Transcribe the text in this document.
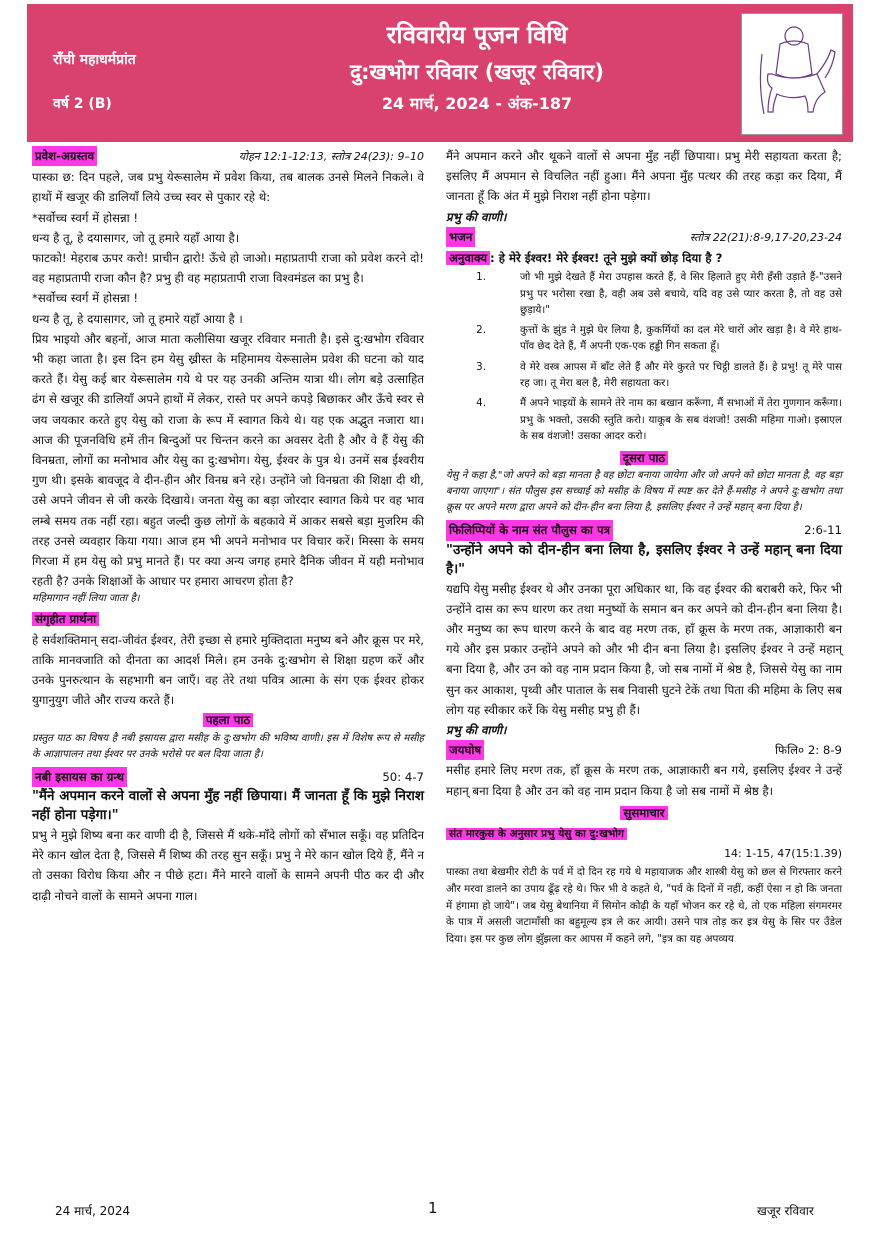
राँची महाधर्मप्रांत
वर्ष 2 (B)
रविवारीय पूजन विधि
दु:खभोग रविवार (खजूर रविवार)
24 मार्च, 2024 - अंक-187
प्रवेश-अग्रस्तव	योहन 12:1-12:13, स्तोत्र 24(23): 9–10

पास्का छ: दिन पहले, जब प्रभु येरूसालेम में प्रवेश किया, तब बालक उनसे मिलने निकले। वे हाथों में खजूर की डालियाँ लिये उच्च स्वर से पुकार रहे थे:

*सर्वोच्च स्वर्ग में होसन्ना !

धन्य है तू, हे दयासागर, जो तू हमारे यहाँ आया है।

फाटको! मेहराब ऊपर करो! प्राचीन द्वारो! ऊँचे हो जाओ। महाप्रतापी राजा को प्रवेश करने दो! वह महाप्रतापी राजा कौन है? प्रभु ही वह महाप्रतापी राजा विश्वमंडल का प्रभु है।

*सर्वोच्च स्वर्ग में होसन्ना !

धन्य है तू, हे दयासागर, जो तू हमारे यहाँ आया है ।

प्रिय भाइयो और बहनों, आज माता कलीसिया खजूर रविवार मनाती है। इसे दु:खभोग रविवार भी कहा जाता है। इस दिन हम येसु ख्रीस्त के महिमामय येरूसालेम प्रवेश की घटना को याद करते हैं। येसु कई बार येरूसालेम गये थे पर यह उनकी अन्तिम यात्रा थी। लोग बड़े उत्साहित ढंग से खजूर की डालियाँ अपने हाथों में लेकर, रास्ते पर अपने कपड़े बिछाकर और ऊँचे स्वर से जय जयकार करते हुए येसु को राजा के रूप में स्वागत किये थे। यह एक अद्भुत नजारा था। आज की पूजनविधि हमें तीन बिन्दुओं पर चिन्तन करने का अवसर देती है और वे हैं येसु की विनम्रता, लोगों का मनोभाव और येसु का दु:खभोग। येसु, ईश्वर के पुत्र थे। उनमें सब ईश्वरीय गुण थी। इसके बावजूद वे दीन-हीन और विनम्र बने रहे। उन्होंने जो विनम्रता की शिक्षा दी थी, उसे अपने जीवन से जी करके दिखाये। जनता येसु का बड़ा जोरदार स्वागत किये पर वह भाव लम्बे समय तक नहीं रहा। बहुत जल्दी कुछ लोगों के बहकावे में आकर सबसे बड़ा मुजरिम की तरह उनसे व्यवहार किया गया। आज हम भी अपने मनोभाव पर विचार करें। मिस्सा के समय गिरजा में हम येसु को प्रभु मानते हैं। पर क्या अन्य जगह हमारे दैनिक जीवन में यही मनोभाव रहती है? उनके शिक्षाओं के आधार पर हमारा आचरण होता है?

महिमागान नहीं लिया जाता है।

संगृहीत प्रार्थना

हे सर्वशक्तिमान् सदा-जीवंत ईश्वर, तेरी इच्छा से हमारे मुक्तिदाता मनुष्य बने और क्रूस पर मरे, ताकि मानवजाति को दीनता का आदर्श मिले। हम उनके दु:खभोग से शिक्षा ग्रहण करें और उनके पुनरुत्थान के सहभागी बन जाएँ। वह तेरे तथा पवित्र आत्मा के संग एक ईश्वर होकर युगानुयुग जीते और राज्य करते हैं।

पहला पाठ

प्रस्तुत पाठ का विषय है नबी इसायस द्वारा मसीह के दु:खभोग की भविष्य वाणी। इस में विशेष रूप से मसीह के आज्ञापालन तथा ईश्वर पर उनके भरोसे पर बल दिया जाता है।

नबी इसायस का ग्रन्थ	50: 4-7

"मैंने अपमान करने वालों से अपना मुँह नहीं छिपाया। मैं जानता हूँ कि मुझे निराश नहीं होना पड़ेगा।"

प्रभु ने मुझे शिष्य बना कर वाणी दी है, जिससे मैं थके-माँदे लोगों को सँभाल सकूँ। वह प्रतिदिन मेरे कान खोल देता है, जिससे मैं शिष्य की तरह सुन सकूँ। प्रभु ने मेरे कान खोल दिये हैं, मैंने न तो उसका विरोध किया और न पीछे हटा। मैंने मारने वालों के सामने अपनी पीठ कर दी और दाढ़ी नोचने वालों के सामने अपना गाल।

मैंने अपमान करने और थूकने वालों से अपना मुँह नहीं छिपाया। प्रभु मेरी सहायता करता है; इसलिए मैं अपमान से विचलित नहीं हुआ। मैंने अपना मुँह पत्थर की तरह कड़ा कर दिया, मैं जानता हूँ कि अंत में मुझे निराश नहीं होना पड़ेगा।

प्रभु की वाणी।

भजन	स्तोत्र 22(21):8-9,17-20,23-24
अनुवाक्य : हे मेरे ईश्वर! मेरे ईश्वर! तूने मुझे क्यों छोड़ दिया है ?
1.	जो भी मुझे देखते हैं मेरा उपहास करते हैं, वे सिर हिलाते हुए मेरी हँसी उड़ाते हैं-"उसने प्रभु पर भरोसा रखा है, वही अब उसे बचाये, यदि वह उसे प्यार करता है, तो वह उसे छुड़ाये।"
2.	कुत्तों के झुंड ने मुझे घेर लिया है, कुकर्मियों का दल मेरे चारों ओर खड़ा है। वे मेरे हाथ-पाँव छेद देते हैं, मैं अपनी एक-एक हड्डी गिन सकता हूँ।
3.	वे मेरे वस्त्र आपस में बाँट लेते हैं और मेरे कुरते पर चिट्ठी डालते हैं। हे प्रभु! तू मेरे पास रह जा। तू मेरा बल है, मेरी सहायता कर।
4.	मैं अपने भाइयों के सामने तेरे नाम का बखान करूँगा, मैं सभाओं में तेरा गुणगान करूँगा। प्रभु के भक्तो, उसकी स्तुति करो। याकूब के सब वंशजो! उसकी महिमा गाओ। इस्राएल के सब वंशजो! उसका आदर करो।
दूसरा पाठ

येसु ने कहा है,"जो अपने को बड़ा मानता है वह छोटा बनाया जायेगा और जो अपने को छोटा मानता है, वह बड़ा बनाया जाएगा"। संत पौलुस इस सच्चाई को मसीह के विषय में स्पष्ट कर देते हैं-मसीह ने अपने दु:खभोग तथा क्रूस पर अपने मरण द्वारा अपने को दीन-हीन बना लिया है, इसलिए ईश्वर ने उन्हें महान् बना दिया है।

फिलिप्पियों के नाम संत पौलुस का पत्र	2:6-11

"उन्होंने अपने को दीन-हीन बना लिया है, इसलिए ईश्वर ने उन्हें महान् बना दिया है।"

यद्यपि येसु मसीह ईश्वर थे और उनका पूरा अधिकार था, कि वह ईश्वर की बराबरी करे, फिर भी उन्होंने दास का रूप धारण कर तथा मनुष्यों के समान बन कर अपने को दीन-हीन बना लिया है। और मनुष्य का रूप धारण करने के बाद वह मरण तक, हाँ क्रूस के मरण तक, आज्ञाकारी बन गये और इस प्रकार उन्होंने अपने को और भी दीन बना लिया है। इसलिए ईश्वर ने उन्हें महान् बना दिया है, और उन को वह नाम प्रदान किया है, जो सब नामों में श्रेष्ठ है, जिससे येसु का नाम सुन कर आकाश, पृथ्वी और पाताल के सब निवासी घुटने टेकें तथा पिता की महिमा के लिए सब लोग यह स्वीकार करें कि येसु मसीह प्रभु ही हैं।

प्रभु की वाणी।

जयघोष	फिलि० 2: 8-9

मसीह हमारे लिए मरण तक, हाँ क्रूस के मरण तक, आज्ञाकारी बन गये, इसलिए ईश्वर ने उन्हें महान् बना दिया है और उन को वह नाम प्रदान किया है जो सब नामों में श्रेष्ठ है।

सुसमाचार
संत मारकुस के अनुसार प्रभु येसु का दु:खभोग
14: 1-15, 47(15:1.39)

पास्का तथा बेखमीर रोटी के पर्व में दो दिन रह गये थे महायाजक और शास्त्री येसु को छल से गिरफ्तार करने और मरवा डालने का उपाय ढूँढ़ रहे थे। फिर भी वे कहते थे, "पर्व के दिनों में नहीं, कहीं ऐसा न हो कि जनता में हंगामा हो जाये"। जब येसु बेथानिया में सिमोन कोढ़ी के यहाँ भोजन कर रहे थे, तो एक महिला संगमरमर के पात्र में असली जटामाँसी का बहुमूल्य इत्र ले कर आयी। उसने पात्र तोड़ कर इत्र येसु के सिर पर उँडेल दिया। इस पर कुछ लोग झुँझला कर आपस में कहने लगे, "इत्र का यह अपव्यय

24 मार्च, 2024	1	खजूर रविवार
